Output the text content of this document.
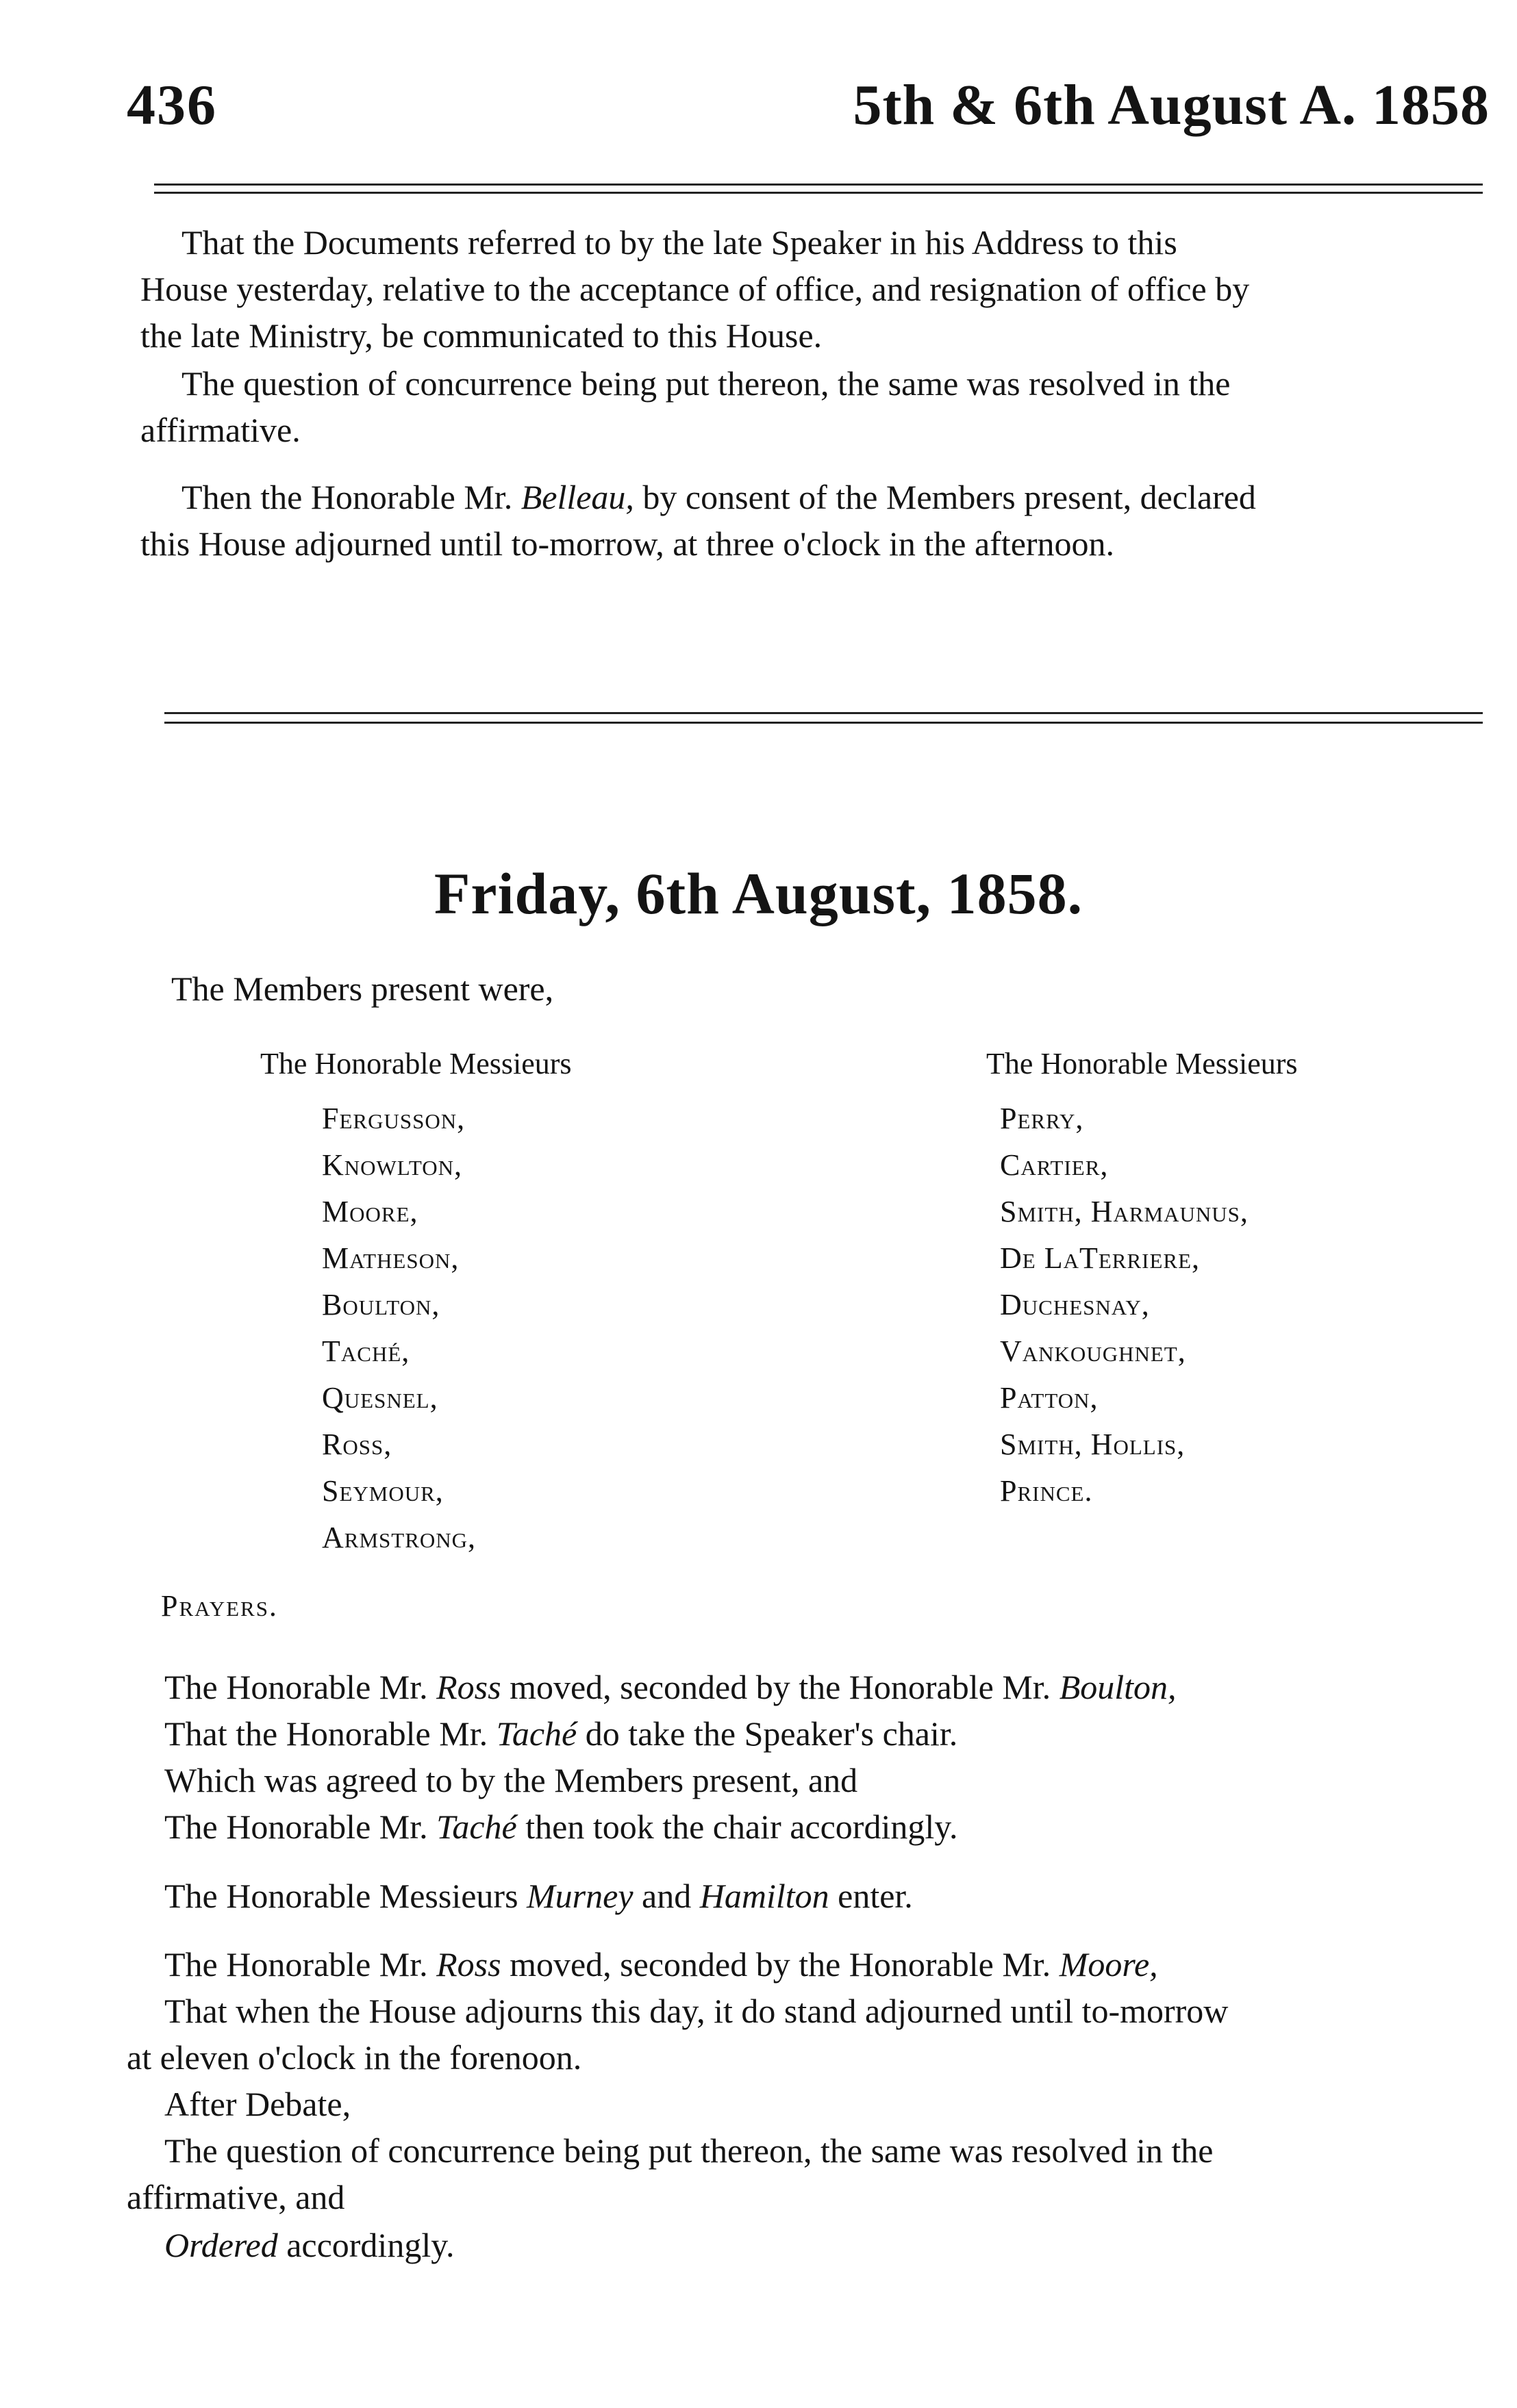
436	5th & 6th August A. 1858
That the Documents referred to by the late Speaker in his Address to this
House yesterday, relative to the acceptance of office, and resignation of office by
the late Ministry, be communicated to this House.
The question of concurrence being put thereon, the same was resolved in the
affirmative.
Then the Honorable Mr. Belleau, by consent of the Members present, declared
this House adjourned until to-morrow, at three o'clock in the afternoon.
Friday, 6th August, 1858.
The Members present were,
The Honorable Messieurs
Fergusson,
Knowlton,
Moore,
Matheson,
Boulton,
Taché,
Quesnel,
Ross,
Seymour,
Armstrong,
The Honorable Messieurs
Perry,
Cartier,
Smith, Harmaunus,
De LaTerriere,
Duchesnay,
Vankoughnet,
Patton,
Smith, Hollis,
Prince.
Prayers.
The Honorable Mr. Ross moved, seconded by the Honorable Mr. Boulton,
That the Honorable Mr. Taché do take the Speaker's chair.
Which was agreed to by the Members present, and
The Honorable Mr. Taché then took the chair accordingly.
The Honorable Messieurs Murney and Hamilton enter.
The Honorable Mr. Ross moved, seconded by the Honorable Mr. Moore,
That when the House adjourns this day, it do stand adjourned until to-morrow
at eleven o'clock in the forenoon.
After Debate,
The question of concurrence being put thereon, the same was resolved in the
affirmative, and
Ordered accordingly.
